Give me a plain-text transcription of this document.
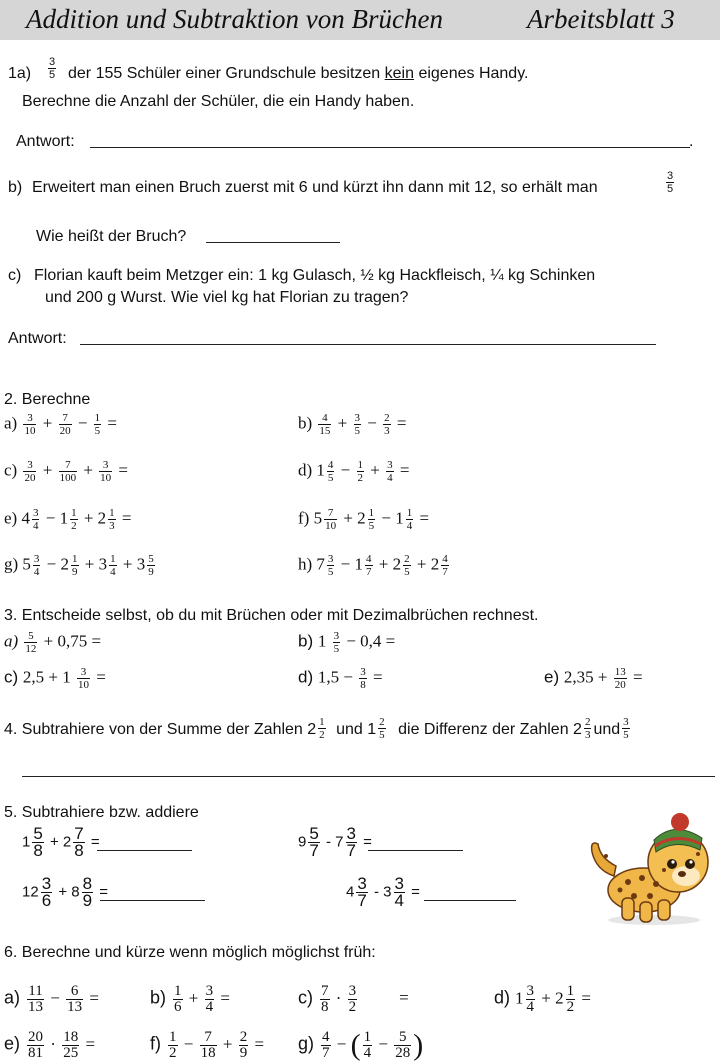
Addition und Subtraktion von Brüchen	Arbeitsblatt 3
$1a) \frac{3}{5}$ der 155 Schüler einer Grundschule besitzen kein eigenes Handy.
Berechne die Anzahl der Schüler, die ein Handy haben.
Antwort:	.
b) Erweitert man einen Bruch zuerst mit 6 und kürzt ihn dann mit 12, so erhält man	$\frac{3}{5}$
Wie heißt der Bruch?
c) Florian kauft beim Metzger ein: 1 kg Gulasch, ½ kg Hackfleisch, ¼ kg Schinken
und 200 g Wurst. Wie viel kg hat Florian zu tragen?
Antwort:
2. Berechne
$a) \frac{3}{10} + \frac{7}{20} - \frac{1}{5}$ =	$b) \frac{4}{15} + \frac{3}{5} - \frac{2}{3}$ =
$c) \frac{3}{20} + \frac{7}{100} + \frac{3}{10}$ =	d) $1 \frac{4}{5} - \frac{1}{2} + \frac{3}{4}$ =
e) $4 \frac{3}{4} - 1 \frac{1}{2} + 2 \frac{1}{3}$ =	f) $5 \frac{7}{10} + 2 \frac{1}{5} - 1 \frac{1}{4}$ =
g) $5 \frac{3}{4} - 2 \frac{1}{9} + 3 \frac{1}{4} + 3 \frac{5}{9}$	h) $7 \frac{3}{5} - 1 \frac{4}{7} + 2 \frac{2}{5} + 2 \frac{4}{7}$
3. Entscheide selbst, ob du mit Brüchen oder mit Dezimalbrüchen rechnest.
$a) \frac{5}{12} + 0,75$ =	b) $1 \frac{3}{5} - 0,4$ =
c) $2,5 + 1 \frac{3}{10}$ =	d) $1,5 - \frac{3}{8}$ =	e) $2,35 + \frac{13}{20}$ =
4. Subtrahiere von der Summe der Zahlen $2 \frac{1}{2}$ und $1 \frac{2}{5}$ die Differenz der Zahlen $2 \frac{2}{3}$ und $\frac{3}{5}$
5. Subtrahiere bzw. addiere
$1 \frac{5}{8} + 2 \frac{7}{8}$ =	$9 \frac{5}{7} - 7 \frac{3}{7}$ =
$12 \frac{3}{6} + 8 \frac{8}{9}$ =	$4 \frac{3}{7} - 3 \frac{3}{4}$ =
6. Berechne und kürze wenn möglich möglichst früh:
$a) \frac{11}{13} - \frac{6}{13}$ =	$b) \frac{1}{6} + \frac{3}{4}$ =	$c) \frac{7}{8} \cdot \frac{3}{2}$ =	d) $1 \frac{3}{4} + 2 \frac{1}{2}$ =
$e) \frac{20}{81} \cdot \frac{18}{25}$ =	$f) \frac{1}{2} - \frac{7}{18} + \frac{2}{9} = g) \frac{4}{7}$ − ( $\frac{1}{4} - \frac{5}{28}$ )
